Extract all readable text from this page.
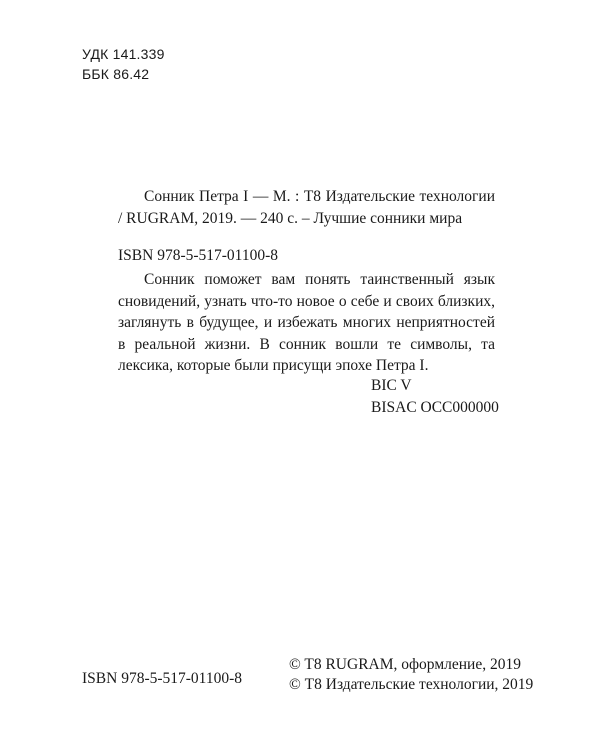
УДК 141.339
ББК 86.42
Сонник Петра I — М. : Т8 Издательские технологии / RUGRAM, 2019. — 240 с. – Лучшие сонники мира
ISBN 978-5-517-01100-8
Сонник поможет вам понять таинственный язык сновидений, узнать что-то новое о себе и своих близких, заглянуть в будущее, и избежать многих неприятностей в реальной жизни. В сонник вошли те символы, та лексика, которые были присущи эпохе Петра I.
BIC V
BISAC OCC000000
ISBN 978-5-517-01100-8
© T8 RUGRAM, оформление, 2019
© Т8 Издательские технологии, 2019
